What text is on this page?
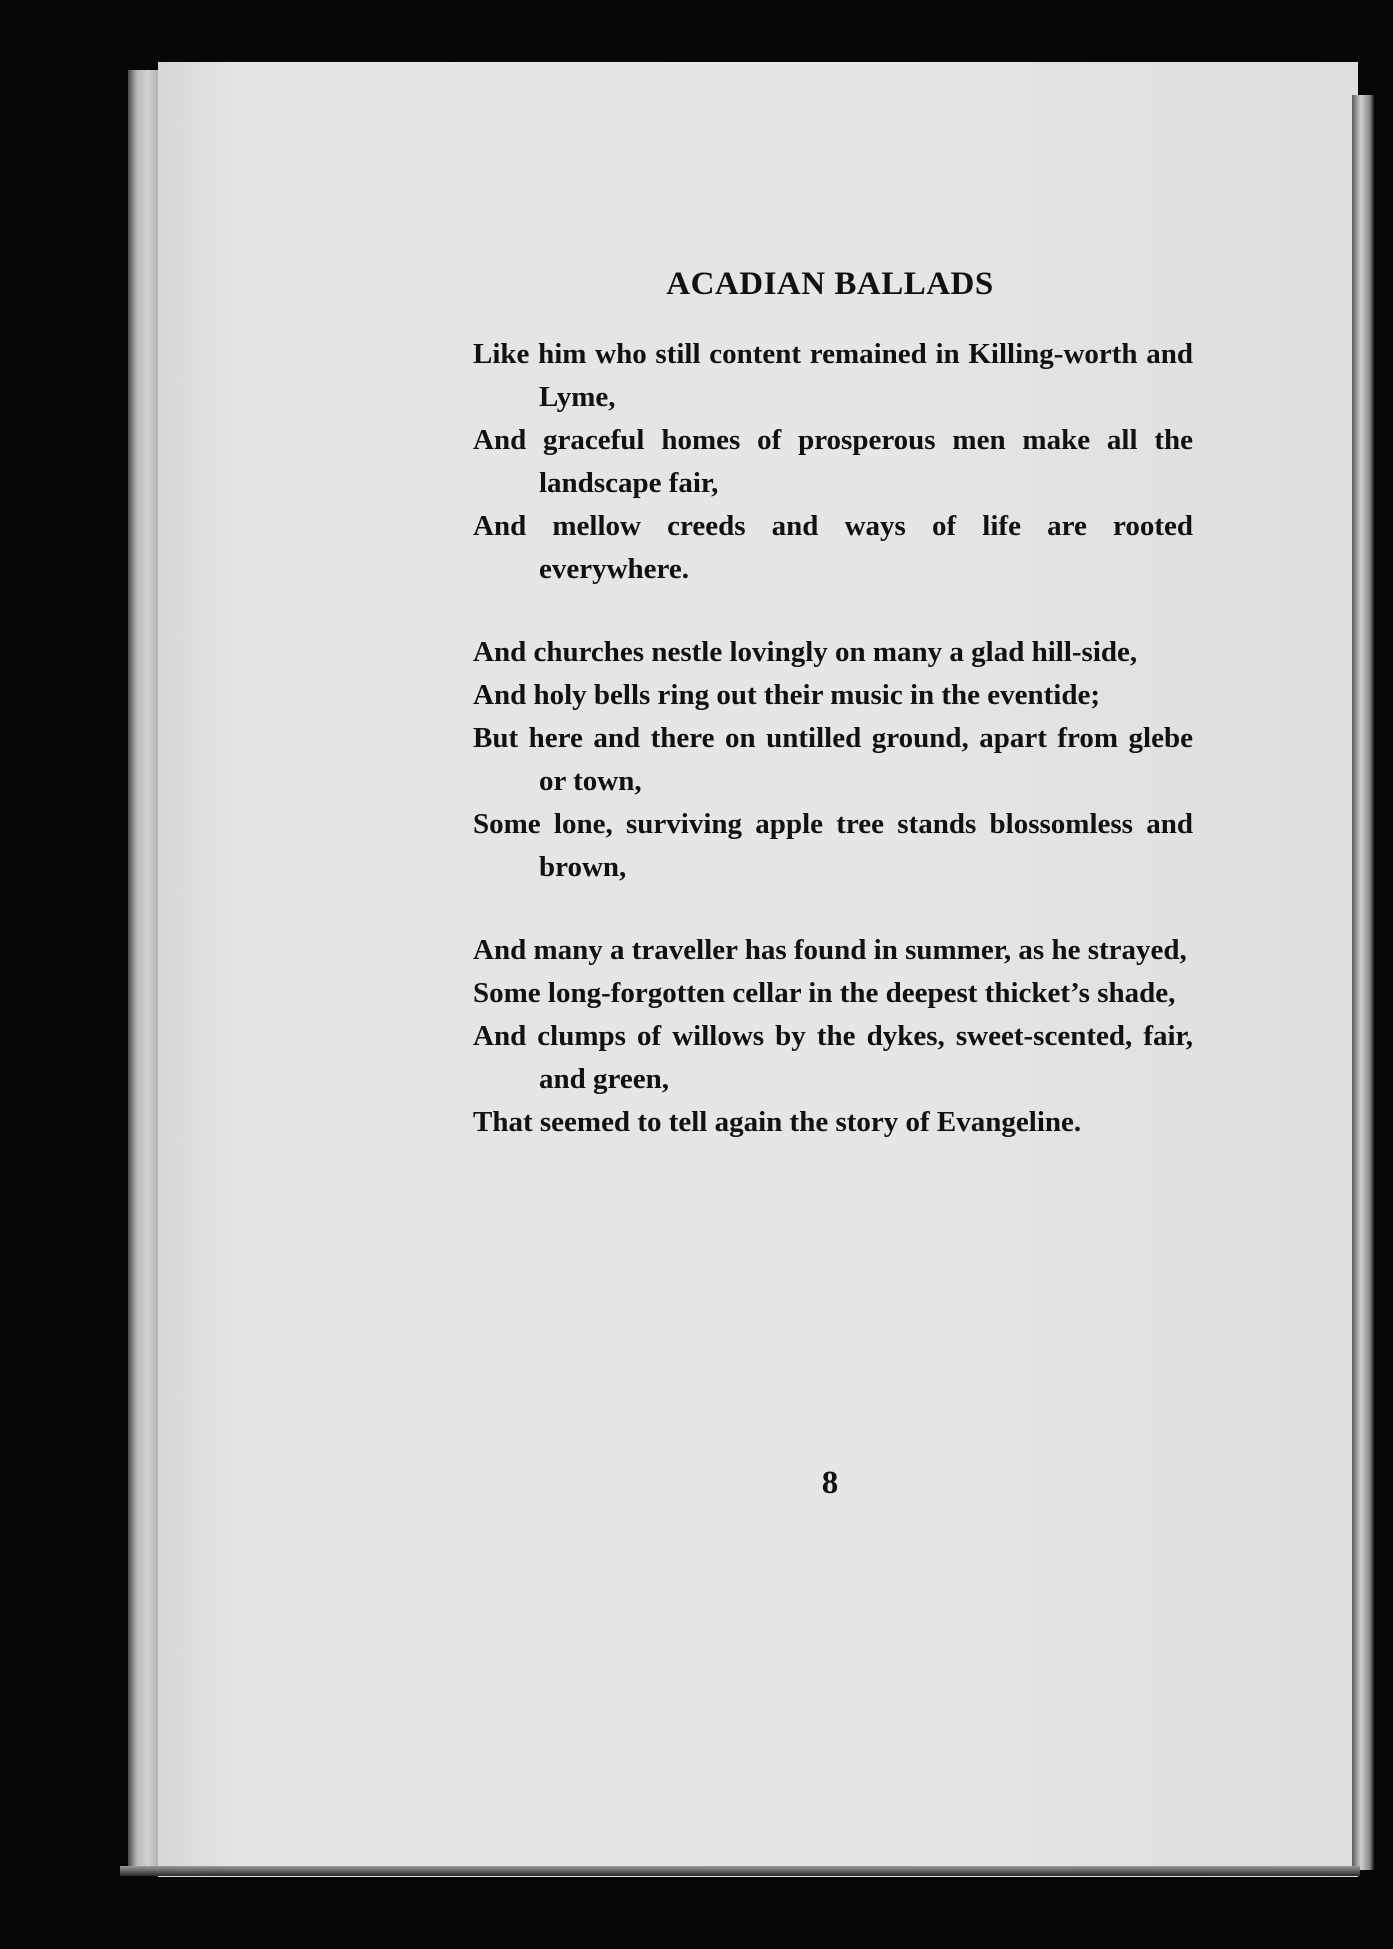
ACADIAN BALLADS
Like him who still content remained in Killing-worth and Lyme,
And graceful homes of prosperous men make all the landscape fair,
And mellow creeds and ways of life are rooted everywhere.
And churches nestle lovingly on many a glad hill-side,
And holy bells ring out their music in the eventide;
But here and there on untilled ground, apart from glebe or town,
Some lone, surviving apple tree stands blossomless and brown,
And many a traveller has found in summer, as he strayed,
Some long-forgotten cellar in the deepest thicket’s shade,
And clumps of willows by the dykes, sweet-scented, fair, and green,
That seemed to tell again the story of Evangeline.
8
